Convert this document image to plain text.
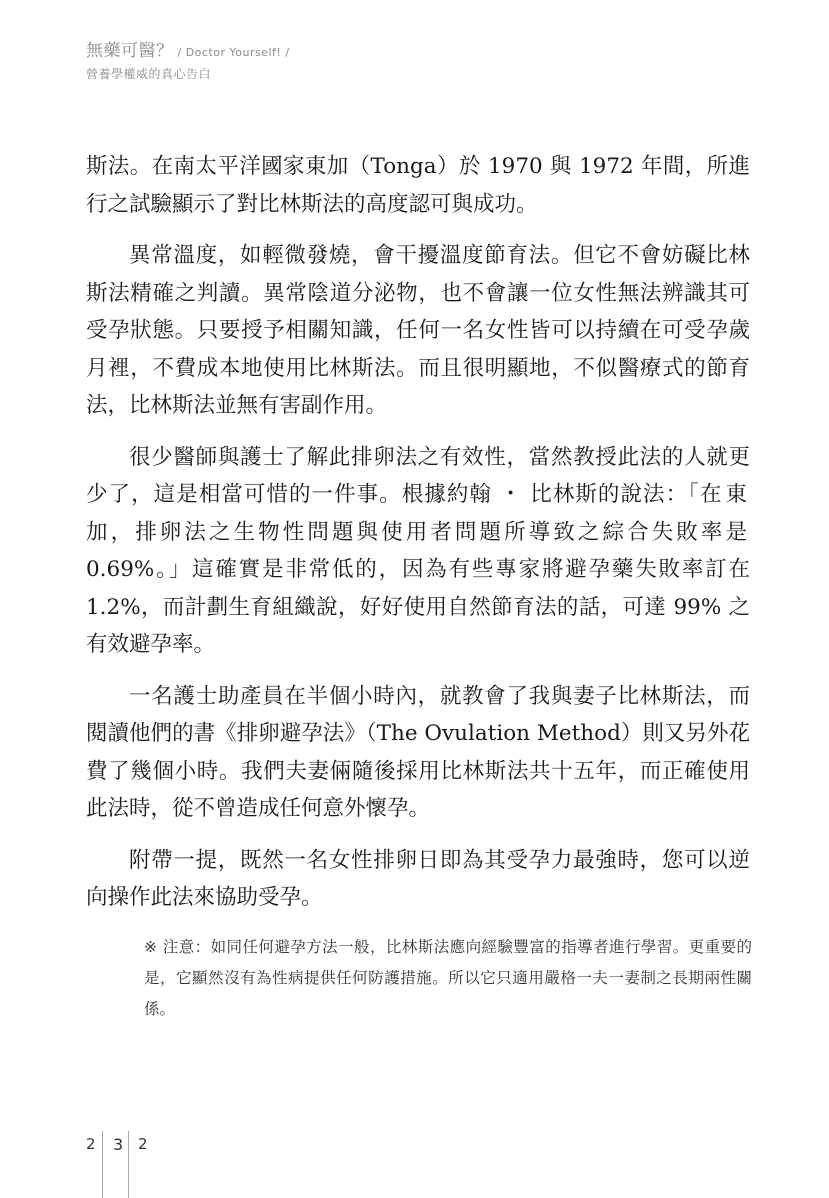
無藥可醫？ / Doctor Yourself! /
營養學權威的真心告白

斯法。在南太平洋國家東加（Tonga）於 1970 與 1972 年間，所進行之試驗顯示了對比林斯法的高度認可與成功。

異常溫度，如輕微發燒，會干擾溫度節育法。但它不會妨礙比林斯法精確之判讀。異常陰道分泌物，也不會讓一位女性無法辨識其可受孕狀態。只要授予相關知識，任何一名女性皆可以持續在可受孕歲月裡，不費成本地使用比林斯法。而且很明顯地，不似醫療式的節育法，比林斯法並無有害副作用。

很少醫師與護士了解此排卵法之有效性，當然教授此法的人就更少了，這是相當可惜的一件事。根據約翰 ・ 比林斯的說法：「在東加，排卵法之生物性問題與使用者問題所導致之綜合失敗率是0.69%。」這確實是非常低的，因為有些專家將避孕藥失敗率訂在 1.2%，而計劃生育組織說，好好使用自然節育法的話，可達 99% 之有效避孕率。

一名護士助產員在半個小時內，就教會了我與妻子比林斯法，而閱讀他們的書《排卵避孕法》（The Ovulation Method）則又另外花費了幾個小時。我們夫妻倆隨後採用比林斯法共十五年，而正確使用此法時，從不曾造成任何意外懷孕。

附帶一提，既然一名女性排卵日即為其受孕力最強時，您可以逆向操作此法來協助受孕。

※ 注意：如同任何避孕方法一般，比林斯法應向經驗豐富的指導者進行學習。更重要的是，它顯然沒有為性病提供任何防護措施。所以它只適用嚴格一夫一妻制之長期兩性關係。
2 3 2
